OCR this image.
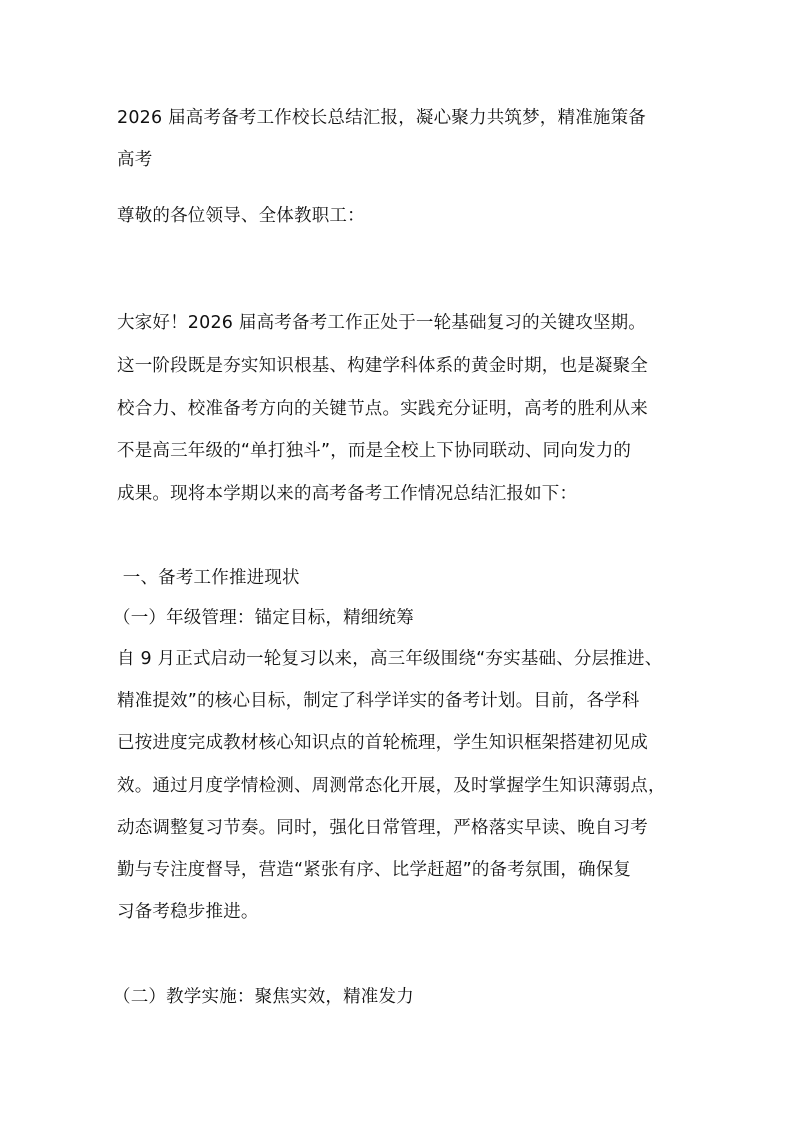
2026 届高考备考工作校长总结汇报，凝心聚力共筑梦，精准施策备
高考
尊敬的各位领导、全体教职工：
大家好！2026 届高考备考工作正处于一轮基础复习的关键攻坚期。
这一阶段既是夯实知识根基、构建学科体系的黄金时期，也是凝聚全
校合力、校准备考方向的关键节点。实践充分证明，高考的胜利从来
不是高三年级的“单打独斗”，而是全校上下协同联动、同向发力的
成果。现将本学期以来的高考备考工作情况总结汇报如下：
一、备考工作推进现状
（一）年级管理：锚定目标，精细统筹
自 9 月正式启动一轮复习以来，高三年级围绕“夯实基础、分层推进、
精准提效”的核心目标，制定了科学详实的备考计划。目前，各学科
已按进度完成教材核心知识点的首轮梳理，学生知识框架搭建初见成
效。通过月度学情检测、周测常态化开展，及时掌握学生知识薄弱点，
动态调整复习节奏。同时，强化日常管理，严格落实早读、晚自习考
勤与专注度督导，营造“紧张有序、比学赶超”的备考氛围，确保复
习备考稳步推进。
（二）教学实施：聚焦实效，精准发力
